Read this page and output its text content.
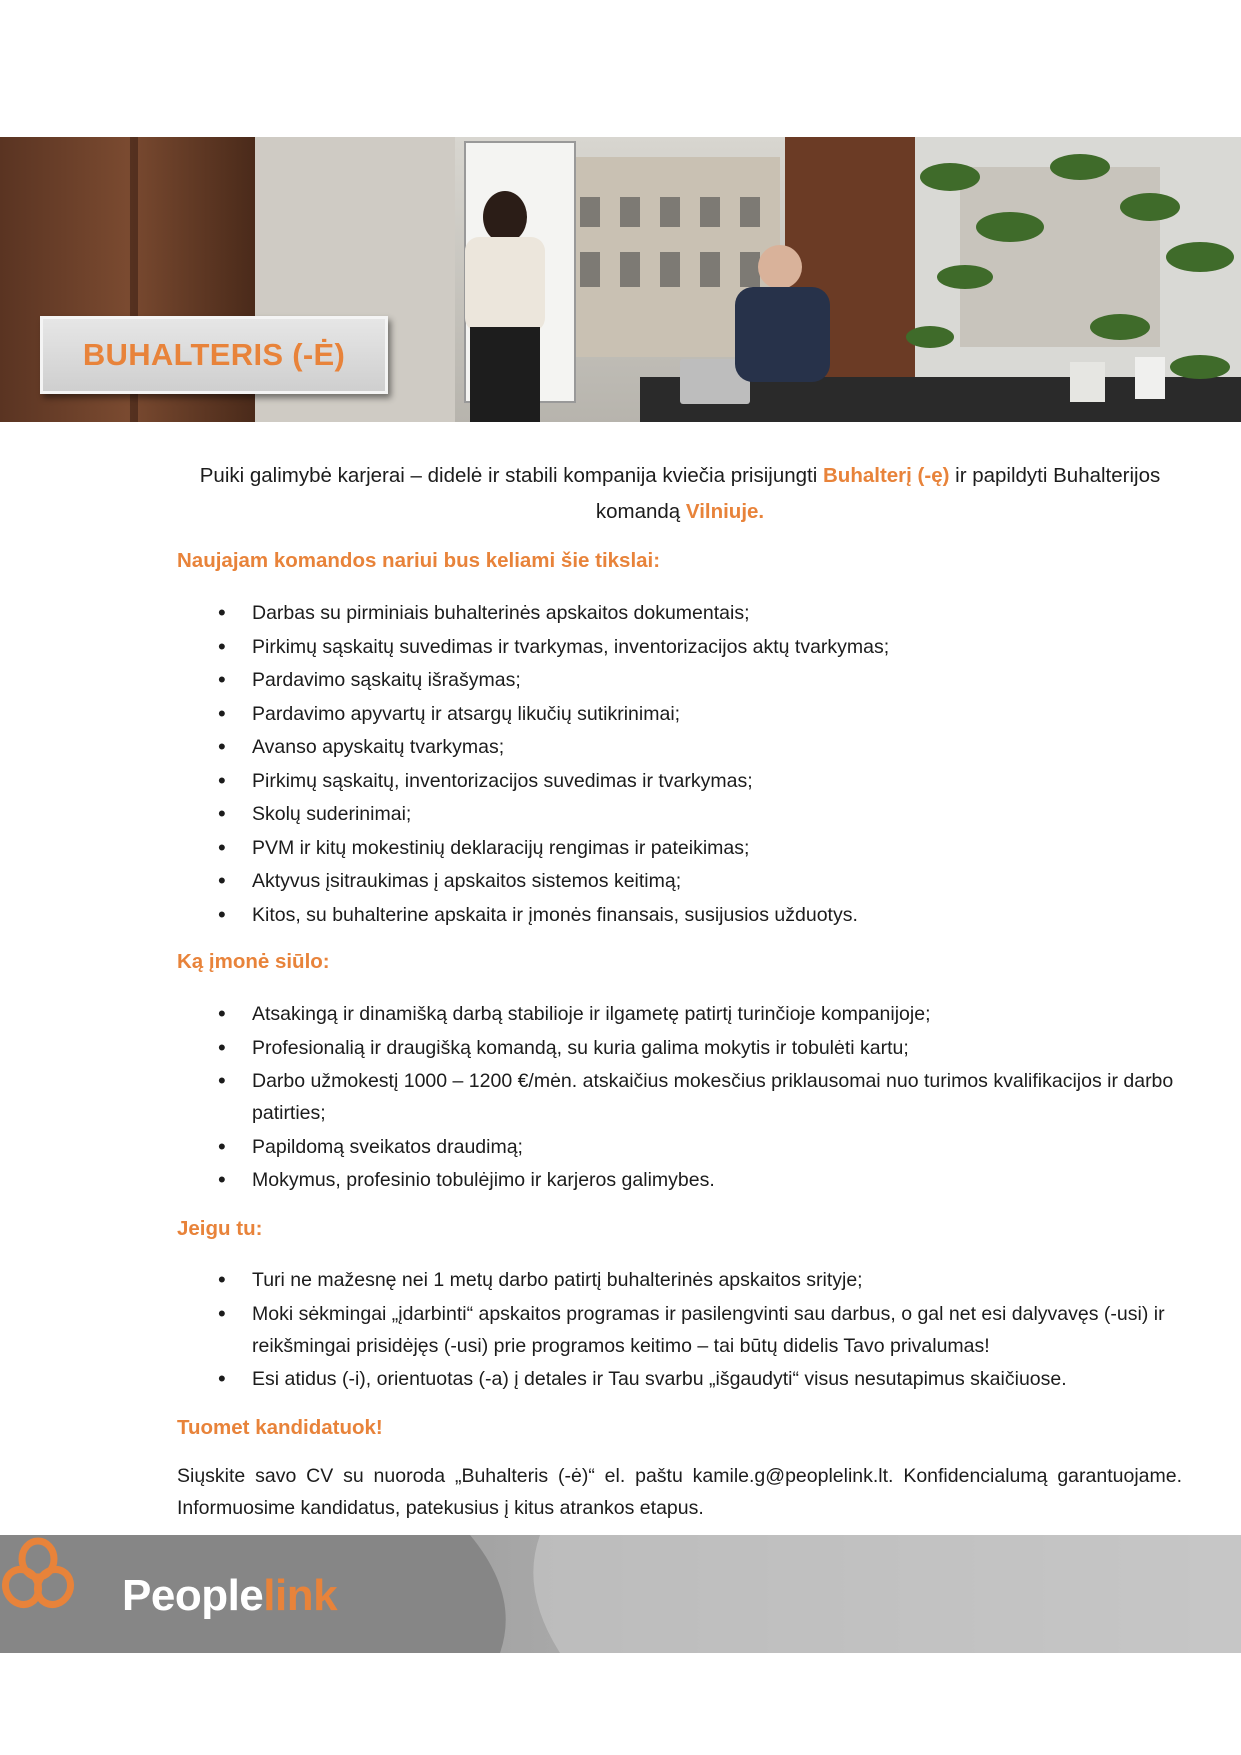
BUHALTERIS (-Ė)
Puiki galimybė karjerai – didelė ir stabili kompanija kviečia prisijungti Buhalterį (-ę) ir papildyti Buhalterijos komandą Vilniuje.
Naujajam komandos nariui bus keliami šie tikslai:
• Darbas su pirminiais buhalterinės apskaitos dokumentais;
• Pirkimų sąskaitų suvedimas ir tvarkymas, inventorizacijos aktų tvarkymas;
• Pardavimo sąskaitų išrašymas;
• Pardavimo apyvartų ir atsargų likučių sutikrinimai;
• Avanso apyskaitų tvarkymas;
• Pirkimų sąskaitų, inventorizacijos suvedimas ir tvarkymas;
• Skolų suderinimai;
• PVM ir kitų mokestinių deklaracijų rengimas ir pateikimas;
• Aktyvus įsitraukimas į apskaitos sistemos keitimą;
• Kitos, su buhalterine apskaita ir įmonės finansais, susijusios užduotys.
Ką įmonė siūlo:
• Atsakingą ir dinamišką darbą stabilioje ir ilgametę patirtį turinčioje kompanijoje;
• Profesionalią ir draugišką komandą, su kuria galima mokytis ir tobulėti kartu;
• Darbo užmokestį 1000 – 1200 €/mėn. atskaičius mokesčius priklausomai nuo turimos kvalifikacijos ir darbo patirties;
• Papildomą sveikatos draudimą;
• Mokymus, profesinio tobulėjimo ir karjeros galimybes.
Jeigu tu:
• Turi ne mažesnę nei 1 metų darbo patirtį buhalterinės apskaitos srityje;
• Moki sėkmingai „įdarbinti“ apskaitos programas ir pasilengvinti sau darbus, o gal net esi dalyvavęs (-usi) ir reikšmingai prisidėjęs (-usi) prie programos keitimo – tai būtų didelis Tavo privalumas!
• Esi atidus (-i), orientuotas (-a) į detales ir Tau svarbu „išgaudyti“ visus nesutapimus skaičiuose.
Tuomet kandidatuok!
Siųskite savo CV su nuoroda „Buhalteris (-ė)“ el. paštu kamile.g@peoplelink.lt. Konfidencialumą garantuojame. Informuosime kandidatus, patekusius į kitus atrankos etapus.
Peoplelink
